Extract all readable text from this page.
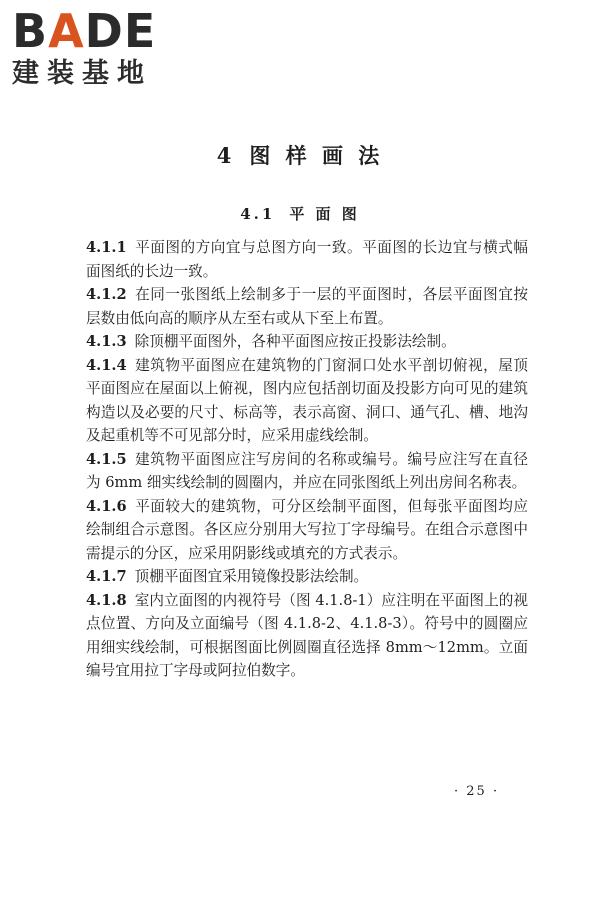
BADE
建装基地
4 图 样 画 法
4.1 平 面 图

4.1.1 平面图的方向宜与总图方向一致。平面图的长边宜与横式幅面图纸的长边一致。

4.1.2 在同一张图纸上绘制多于一层的平面图时，各层平面图宜按层数由低向高的顺序从左至右或从下至上布置。

4.1.3 除顶棚平面图外，各种平面图应按正投影法绘制。

4.1.4 建筑物平面图应在建筑物的门窗洞口处水平剖切俯视，屋顶平面图应在屋面以上俯视，图内应包括剖切面及投影方向可见的建筑构造以及必要的尺寸、标高等，表示高窗、洞口、通气孔、槽、地沟及起重机等不可见部分时，应采用虚线绘制。

4.1.5 建筑物平面图应注写房间的名称或编号。编号应注写在直径为 6mm 细实线绘制的圆圈内，并应在同张图纸上列出房间名称表。

4.1.6 平面较大的建筑物，可分区绘制平面图，但每张平面图均应绘制组合示意图。各区应分别用大写拉丁字母编号。在组合示意图中需提示的分区，应采用阴影线或填充的方式表示。

4.1.7 顶棚平面图宜采用镜像投影法绘制。

4.1.8 室内立面图的内视符号（图 4.1.8-1）应注明在平面图上的视点位置、方向及立面编号（图 4.1.8-2、4.1.8-3）。符号中的圆圈应用细实线绘制，可根据图面比例圆圈直径选择 8mm～12mm。立面编号宜用拉丁字母或阿拉伯数字。

· 25 ·
